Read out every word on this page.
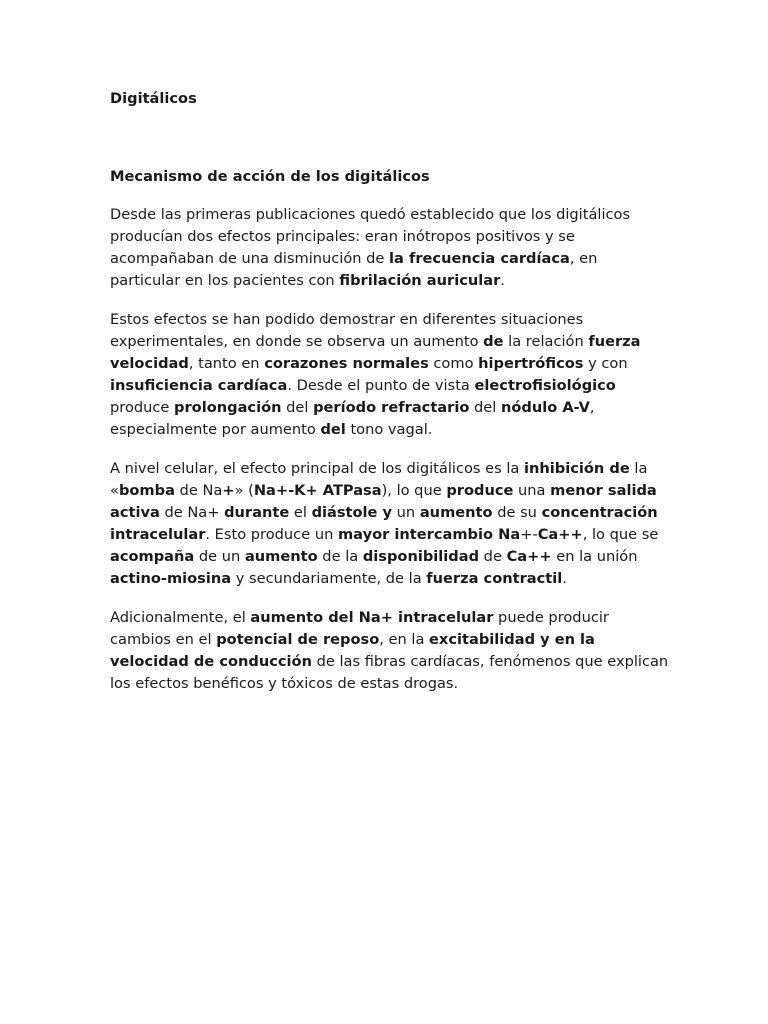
Digitálicos
Mecanismo de acción de los digitálicos

Desde las primeras publicaciones quedó establecido que los digitálicos producían dos efectos principales: eran inótropos positivos y se acompañaban de una disminución de la frecuencia cardíaca, en particular en los pacientes con fibrilación auricular.

Estos efectos se han podido demostrar en diferentes situaciones experimentales, en donde se observa un aumento de la relación fuerza velocidad, tanto en corazones normales como hipertróficos y con insuficiencia cardíaca. Desde el punto de vista electrofisiológico produce prolongación del período refractario del nódulo A-V, especialmente por aumento del tono vagal.

A nivel celular, el efecto principal de los digitálicos es la inhibición de la «bomba de Na+» (Na+-K+ ATPasa), lo que produce una menor salida activa de Na+ durante el diástole y un aumento de su concentración intracelular. Esto produce un mayor intercambio Na+-Ca++, lo que se acompaña de un aumento de la disponibilidad de Ca++ en la unión actino-miosina y secundariamente, de la fuerza contractil.

Adicionalmente, el aumento del Na+ intracelular puede producir cambios en el potencial de reposo, en la excitabilidad y en la velocidad de conducción de las fibras cardíacas, fenómenos que explican los efectos benéficos y tóxicos de estas drogas.
